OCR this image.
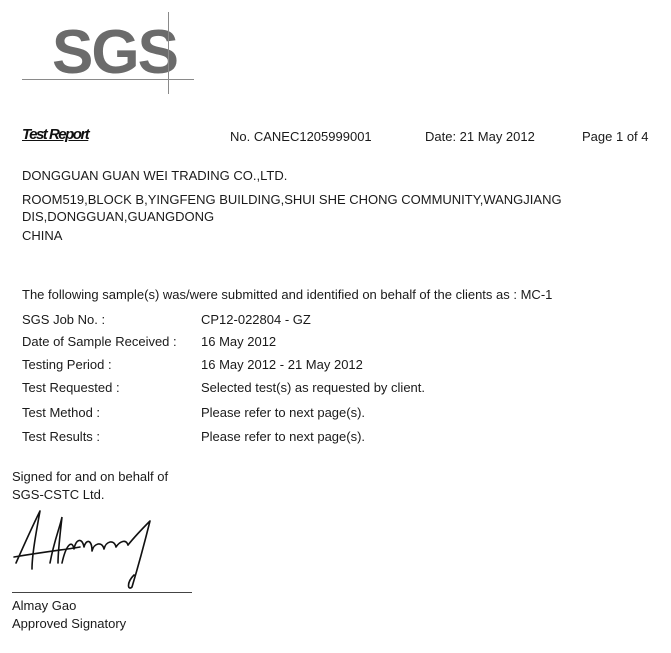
SGS
Test Report	No. CANEC1205999001	Date: 21 May 2012	Page 1 of 4
DONGGUAN GUAN WEI TRADING CO.,LTD.
ROOM519,BLOCK B,YINGFENG BUILDING,SHUI SHE CHONG COMMUNITY,WANGJIANG
DIS,DONGGUAN,GUANGDONG
CHINA
The following sample(s) was/were submitted and identified on behalf of the clients as : MC-1
SGS Job No. :	CP12-022804 - GZ
Date of Sample Received : 16 May 2012
Testing Period :	16 May 2012 - 21 May 2012
Test Requested :	Selected test(s) as requested by client.
Test Method :	Please refer to next page(s).
Test Results :	Please refer to next page(s).
Signed for and on behalf of
SGS-CSTC Ltd.
Almay Gao
Approved Signatory
